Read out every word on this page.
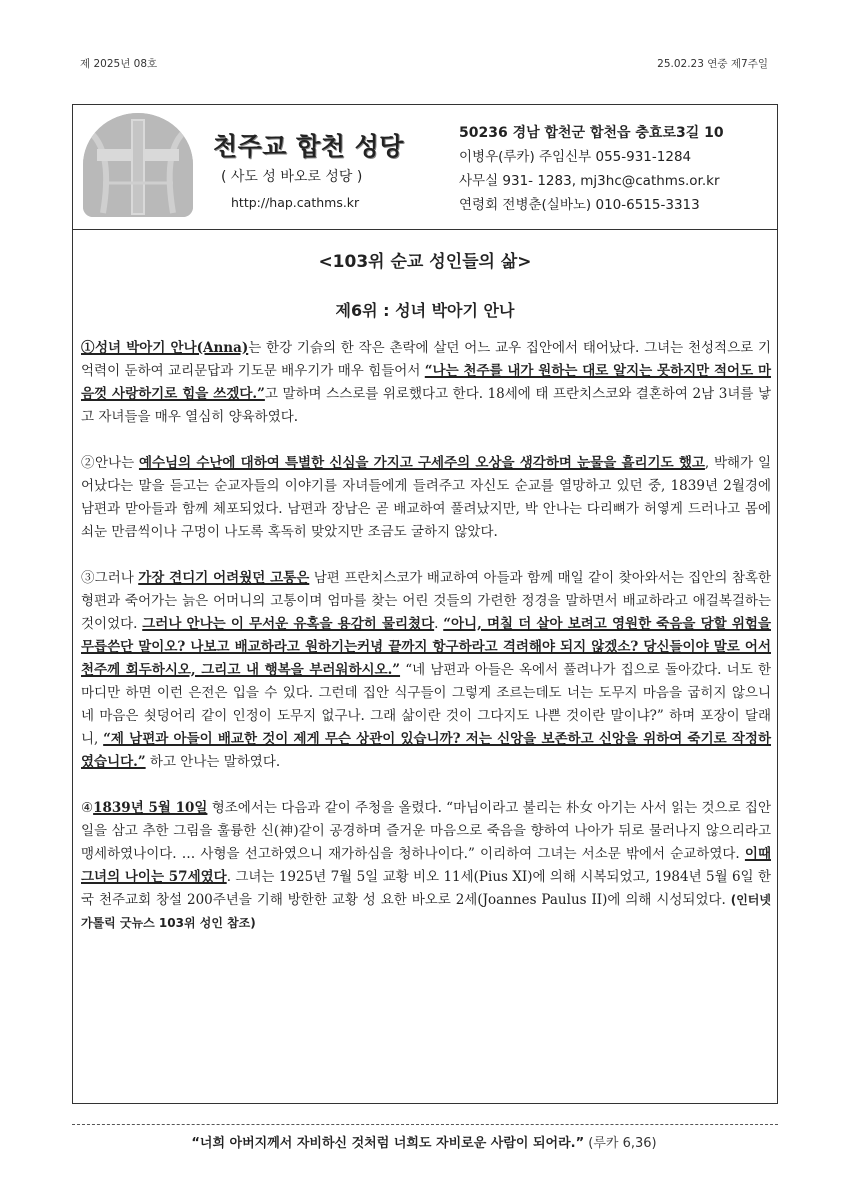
제 2025년 08호	25.02.23 연중 제7주일
천주교 합천 성당
( 사도 성 바오로 성당 )
http://hap.cathms.kr
50236 경남 합천군 합천읍 충효로3길 10
이병우(루카) 주임신부 055-931-1284
사무실 931- 1283, mj3hc@cathms.or.kr
연령회 전병춘(실바노) 010-6515-3313
<103위 순교 성인들의 삶>
제6위 : 성녀 박아기 안나

①성녀 박아기 안나(Anna)는 한강 기슭의 한 작은 촌락에 살던 어느 교우 집안에서 태어났다. 그녀는 천성적으로 기억력이 둔하여 교리문답과 기도문 배우기가 매우 힘들어서 “나는 천주를 내가 원하는 대로 알지는 못하지만 적어도 마음껏 사랑하기로 힘을 쓰겠다.”고 말하며 스스로를 위로했다고 한다. 18세에 태 프란치스코와 결혼하여 2남 3녀를 낳고 자녀들을 매우 열심히 양육하였다.

②안나는 예수님의 수난에 대하여 특별한 신심을 가지고 구세주의 오상을 생각하며 눈물을 흘리기도 했고, 박해가 일어났다는 말을 듣고는 순교자들의 이야기를 자녀들에게 들려주고 자신도 순교를 열망하고 있던 중, 1839년 2월경에 남편과 맏아들과 함께 체포되었다. 남편과 장남은 곧 배교하여 풀려났지만, 박 안나는 다리뼈가 허옇게 드러나고 몸에 쇠눈 만큼씩이나 구멍이 나도록 혹독히 맞았지만 조금도 굴하지 않았다.

③그러나 가장 견디기 어려웠던 고통은 남편 프란치스코가 배교하여 아들과 함께 매일 같이 찾아와서는 집안의 참혹한 형편과 죽어가는 늙은 어머니의 고통이며 엄마를 찾는 어린 것들의 가련한 정경을 말하면서 배교하라고 애걸복걸하는 것이었다. 그러나 안나는 이 무서운 유혹을 용감히 물리쳤다. “아니, 며칠 더 살아 보려고 영원한 죽음을 당할 위험을 무릅쓴단 말이오? 나보고 배교하라고 원하기는커녕 끝까지 항구하라고 격려해야 되지 않겠소? 당신들이야 말로 어서 천주께 회두하시오, 그리고 내 행복을 부러워하시오.” “네 남편과 아들은 옥에서 풀려나가 집으로 돌아갔다. 너도 한 마디만 하면 이런 은전은 입을 수 있다. 그런데 집안 식구들이 그렇게 조르는데도 너는 도무지 마음을 굽히지 않으니 네 마음은 쇳덩어리 같이 인정이 도무지 없구나. 그래 삶이란 것이 그다지도 나쁜 것이란 말이냐?” 하며 포장이 달래니, “제 남편과 아들이 배교한 것이 제게 무슨 상관이 있습니까? 저는 신앙을 보존하고 신앙을 위하여 죽기로 작정하였습니다.” 하고 안나는 말하였다.

④1839년 5월 10일 형조에서는 다음과 같이 주청을 올렸다. “마님이라고 불리는 朴女 아기는 사서 읽는 것으로 집안일을 삼고 추한 그림을 훌륭한 신(神)같이 공경하며 즐거운 마음으로 죽음을 향하여 나아가 뒤로 물러나지 않으리라고 맹세하였나이다. … 사형을 선고하였으니 재가하심을 청하나이다.” 이리하여 그녀는 서소문 밖에서 순교하였다. 이때 그녀의 나이는 57세였다. 그녀는 1925년 7월 5일 교황 비오 11세(Pius XI)에 의해 시복되었고, 1984년 5월 6일 한국 천주교회 창설 200주년을 기해 방한한 교황 성 요한 바오로 2세(Joannes Paulus II)에 의해 시성되었다. (인터넷 가톨릭 굿뉴스 103위 성인 참조)

“너희 아버지께서 자비하신 것처럼 너희도 자비로운 사람이 되어라.” (루카 6,36)
